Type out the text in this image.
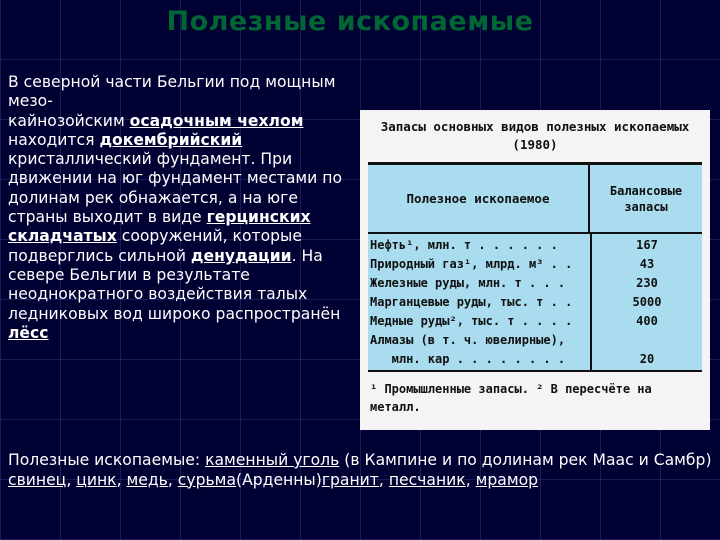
Полезные ископаемые
В северной части Бельгии под мощным мезо-
кайнозойским осадочным чехлом находится докембрийский кристаллический фундамент. При движении на юг фундамент местами по долинам рек обнажается, а на юге страны выходит в виде герцинских складчатых сооружений, которые подверглись сильной денудации. На севере Бельгии в результате неоднократного воздействия талых ледниковых вод широко распространён лёсс
Запасы основных видов полезных ископаемых
(1980)
Полезное ископаемое
Балансовые
запасы
Нефть¹, млн. т . . . . . .	167
Природный газ¹, млрд. м³ . .	43
Железные руды, млн. т . . .	230
Марганцевые руды, тыс. т . .	5000
Медные руды², тыс. т . . . .	400
Алмазы (в т. ч. ювелирные),
млн. кар . . . . . . . .	20
¹ Промышленные запасы. ² В пересчёте на
металл.
Полезные ископаемые: каменный уголь (в Кампине и по долинам рек Маас и Самбр) свинец, цинк, медь, сурьма(Арденны)гранит, песчаник, мрамор
